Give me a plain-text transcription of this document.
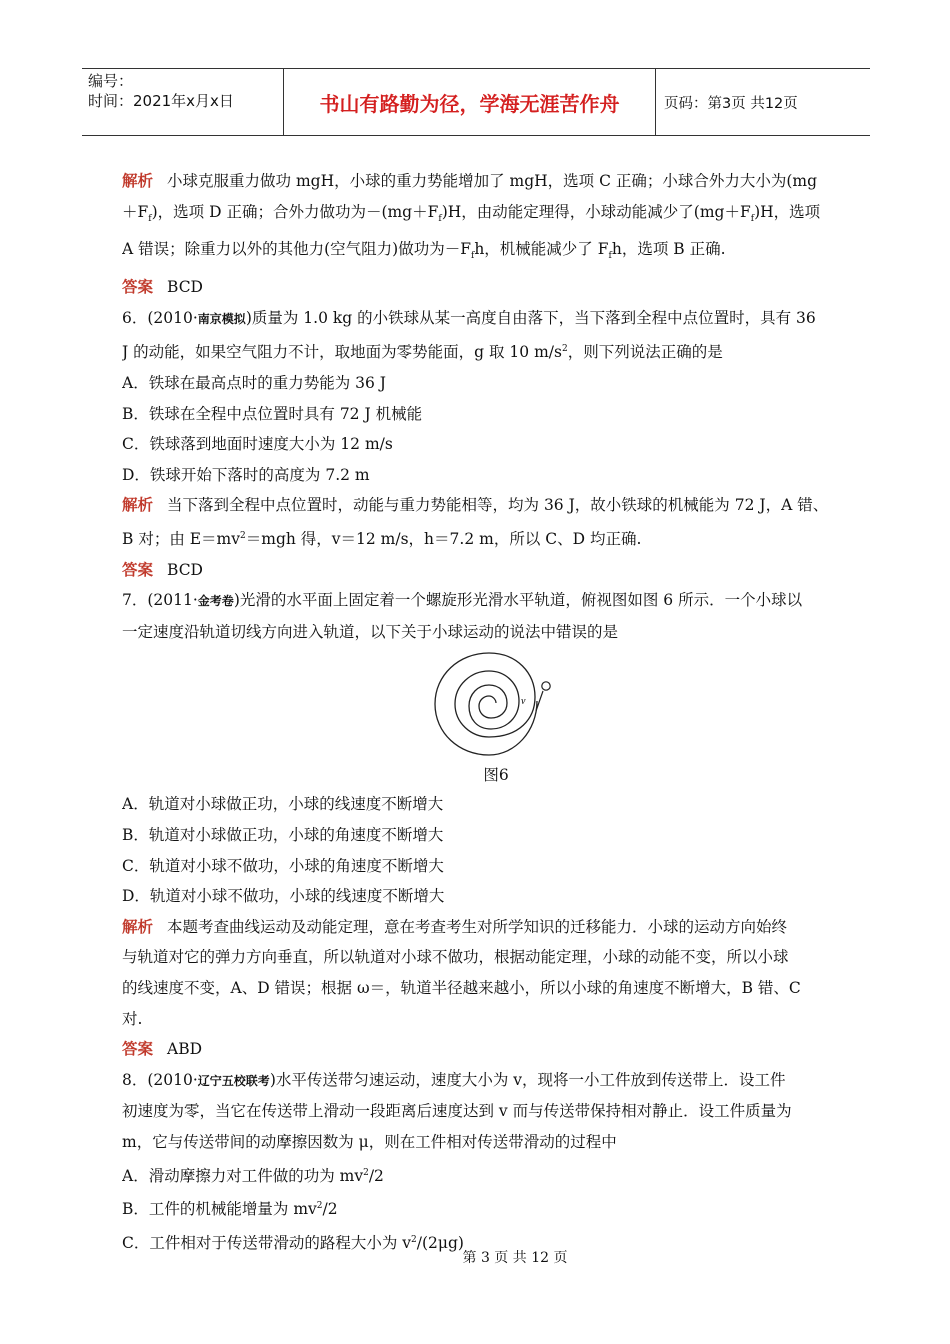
编号：
时间：2021年x月x日	书山有路勤为径，学海无涯苦作舟	页码：第3页 共12页
解析 小球克服重力做功 mgH，小球的重力势能增加了 mgH，选项 C 正确；小球合外力大小为(mg
$+F_f$)，选项 D 正确；合外力做功为$-(mg+F_f)H$，由动能定理得，小球动能减少了$(mg+F_f)H$，选项
A 错误；除重力以外的其他力(空气阻力)做功为$-F_fh$，机械能减少了 $F_fh$，选项 B 正确.
答案 BCD
6．(2010·南京模拟)质量为 1.0 kg 的小铁球从某一高度自由落下，当下落到全程中点位置时，具有 36
J 的动能，如果空气阻力不计，取地面为零势能面，g 取 10 $m/s^2$，则下列说法正确的是
A．铁球在最高点时的重力势能为 36 J
B．铁球在全程中点位置时具有 72 J 机械能
C．铁球落到地面时速度大小为 12 m/s
D．铁球开始下落时的高度为 7.2 m
解析 当下落到全程中点位置时，动能与重力势能相等，均为 36 J，故小铁球的机械能为 72 J，A 错、
B 对；由 $E=mv^2=mgh$ 得，v＝12 m/s，h＝7.2 m，所以 C、D 均正确.
答案 BCD
7．(2011·金考卷)光滑的水平面上固定着一个螺旋形光滑水平轨道，俯视图如图 6 所示．一个小球以
一定速度沿轨道切线方向进入轨道，以下关于小球运动的说法中错误的是
v
图6
A．轨道对小球做正功，小球的线速度不断增大
B．轨道对小球做正功，小球的角速度不断增大
C．轨道对小球不做功，小球的角速度不断增大
D．轨道对小球不做功，小球的线速度不断增大
解析 本题考查曲线运动及动能定理，意在考查考生对所学知识的迁移能力．小球的运动方向始终
与轨道对它的弹力方向垂直，所以轨道对小球不做功，根据动能定理，小球的动能不变，所以小球
的线速度不变，A、D 错误；根据 ω＝，轨道半径越来越小，所以小球的角速度不断增大，B 错、C
对.
答案 ABD
8．(2010·辽宁五校联考)水平传送带匀速运动，速度大小为 v，现将一小工件放到传送带上．设工件
初速度为零，当它在传送带上滑动一段距离后速度达到 v 而与传送带保持相对静止．设工件质量为
m，它与传送带间的动摩擦因数为 μ，则在工件相对传送带滑动的过程中
A．滑动摩擦力对工件做的功为 $mv^2/2$
B．工件的机械能增量为 $mv^2/2$
C．工件相对于传送带滑动的路程大小为 $v^2/(2\mu g)$
第 3 页 共 12 页
